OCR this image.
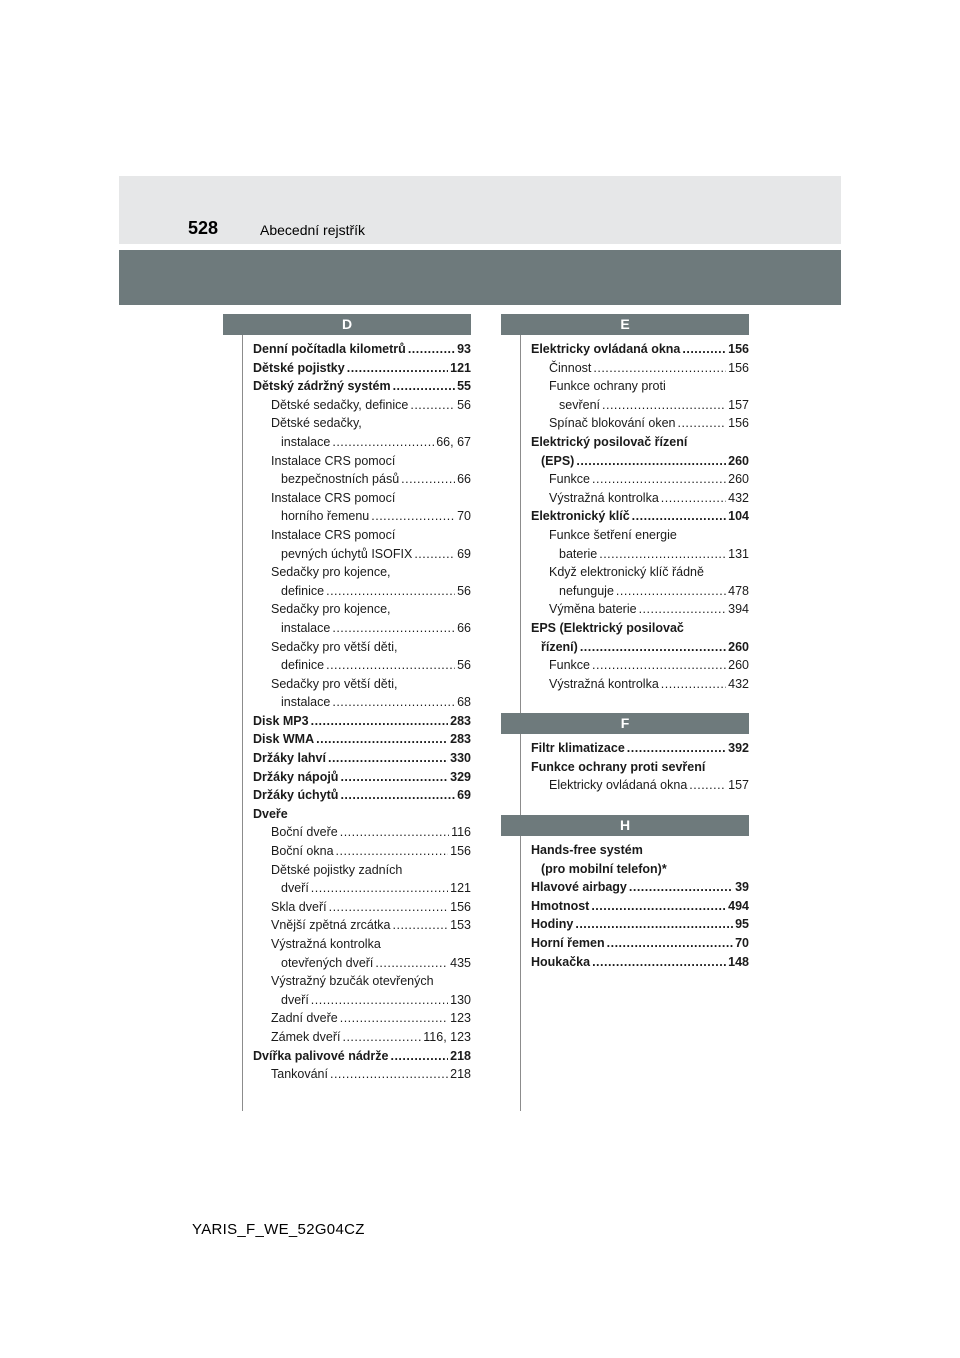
528	Abecední rejstřík
D
Denní počítadla kilometrů .....	93
Dětské pojistky .....	121
Dětský zádržný systém .....	55
Dětské sedačky, definice .....	56
Dětské sedačky,
instalace .....	66, 67
Instalace CRS pomocí
bezpečnostních pásů .....	66
Instalace CRS pomocí
horního řemenu .....	70
Instalace CRS pomocí
pevných úchytů ISOFIX .....	69
Sedačky pro kojence,
definice .....	56
Sedačky pro kojence,
instalace .....	66
Sedačky pro větší děti,
definice .....	56
Sedačky pro větší děti,
instalace .....	68
Disk MP3 .....	283
Disk WMA .....	283
Držáky lahví .....	330
Držáky nápojů .....	329
Držáky úchytů .....	69
Dveře
Boční dveře .....	116
Boční okna .....	156
Dětské pojistky zadních
dveří .....	121
Skla dveří .....	156
Vnější zpětná zrcátka .....	153
Výstražná kontrolka
otevřených dveří .....	435
Výstražný bzučák otevřených
dveří .....	130
Zadní dveře .....	123
Zámek dveří .....	116, 123
Dvířka palivové nádrže .....	218
Tankování .....	218
E
Elektricky ovládaná okna .....	156
Činnost .....	156
Funkce ochrany proti
sevření .....	157
Spínač blokování oken .....	156
Elektrický posilovač řízení
(EPS) .....	260
Funkce .....	260
Výstražná kontrolka .....	432
Elektronický klíč .....	104
Funkce šetření energie
baterie .....	131
Když elektronický klíč řádně
nefunguje .....	478
Výměna baterie .....	394
EPS (Elektrický posilovač
řízení) .....	260
Funkce .....	260
Výstražná kontrolka .....	432
F
Filtr klimatizace .....	392
Funkce ochrany proti sevření
Elektricky ovládaná okna .....	157
H
Hands-free systém
(pro mobilní telefon)*
Hlavové airbagy .....	39
Hmotnost .....	494
Hodiny .....	95
Horní řemen .....	70
Houkačka .....	148
YARIS_F_WE_52G04CZ
